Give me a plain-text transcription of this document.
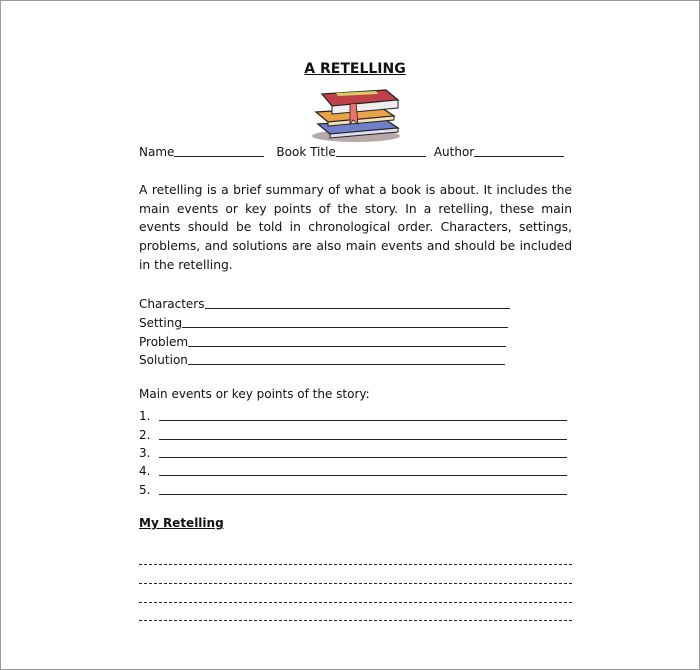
A RETELLING
Name	Book Title	Author
A retelling is a brief summary of what a book is about. It includes the main events or key points of the story. In a retelling, these main events should be told in chronological order. Characters, settings, problems, and solutions are also main events and should be included in the retelling.
Characters
Setting
Problem
Solution
Main events or key points of the story:
1.
2.
3.
4.
5.
My Retelling
